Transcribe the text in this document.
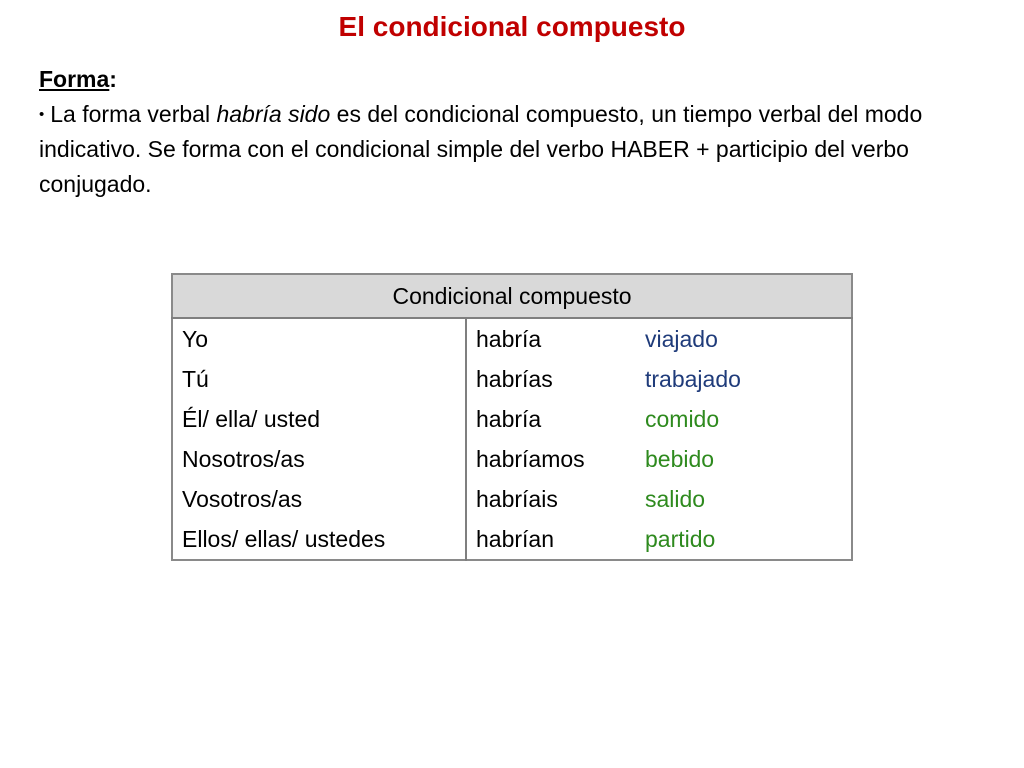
El condicional compuesto
Forma:
• La forma verbal habría sido es del condicional compuesto, un tiempo verbal del modo indicativo. Se forma con el condicional simple del verbo HABER + participio del verbo conjugado.
Condicional compuesto		
Yo	habría	viajado
Tú	habrías	trabajado
Él/ ella/ usted	habría	comido
Nosotros/as	habríamos	bebido
Vosotros/as	habríais	salido
Ellos/ ellas/ ustedes	habrían	partido
